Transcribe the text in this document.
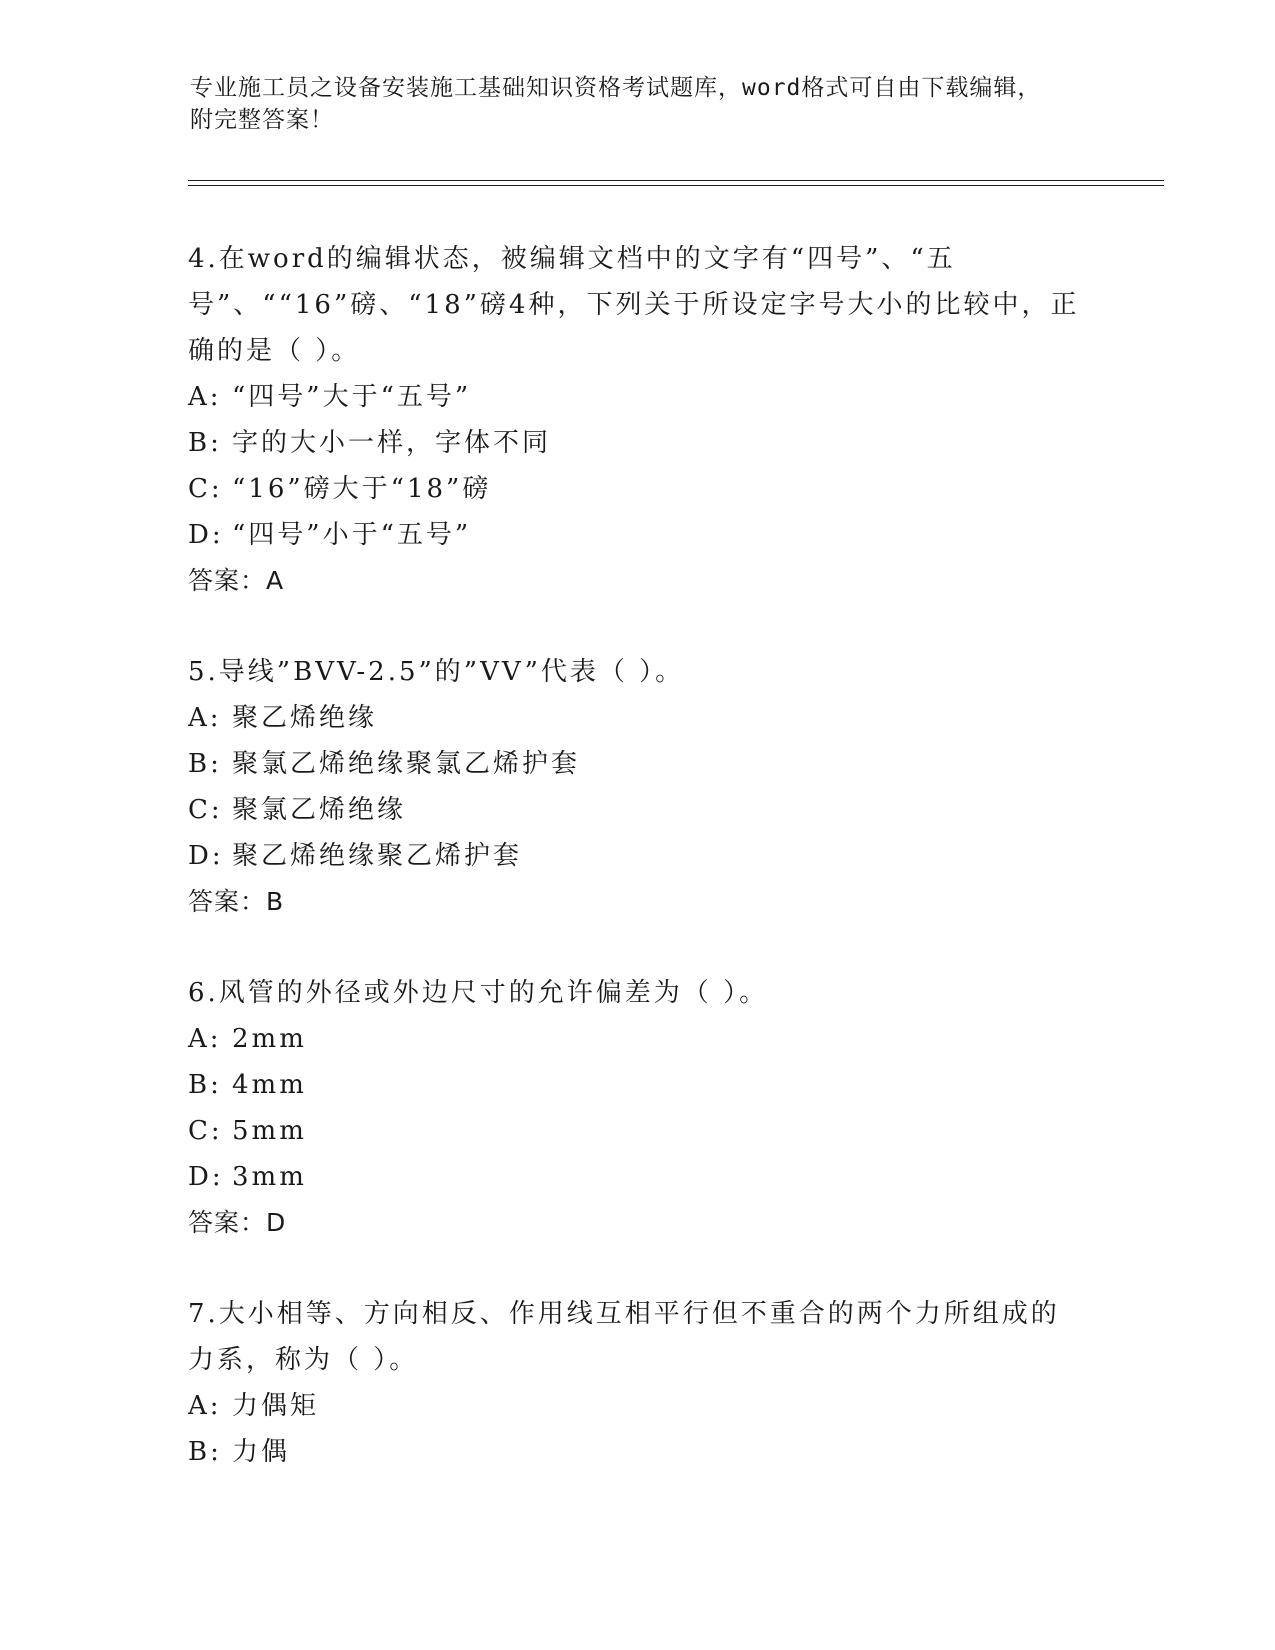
专业施工员之设备安装施工基础知识资格考试题库，word格式可自由下载编辑，
附完整答案！
4.在word的编辑状态，被编辑文档中的文字有“四号”、“五号”、““16”磅、“18”磅4种，下列关于所设定字号大小的比较中，正确的是（ ）。
A: “四号”大于“五号”
B: 字的大小一样，字体不同
C: “16”磅大于“18”磅
D: “四号”小于“五号”
答案：A
5.导线”BVV-2.5”的”VV”代表（ ）。
A: 聚乙烯绝缘
B: 聚氯乙烯绝缘聚氯乙烯护套
C: 聚氯乙烯绝缘
D: 聚乙烯绝缘聚乙烯护套
答案：B
6.风管的外径或外边尺寸的允许偏差为（ ）。
A: 2mm
B: 4mm
C: 5mm
D: 3mm
答案：D
7.大小相等、方向相反、作用线互相平行但不重合的两个力所组成的力系，称为（ ）。
A: 力偶矩
B: 力偶
